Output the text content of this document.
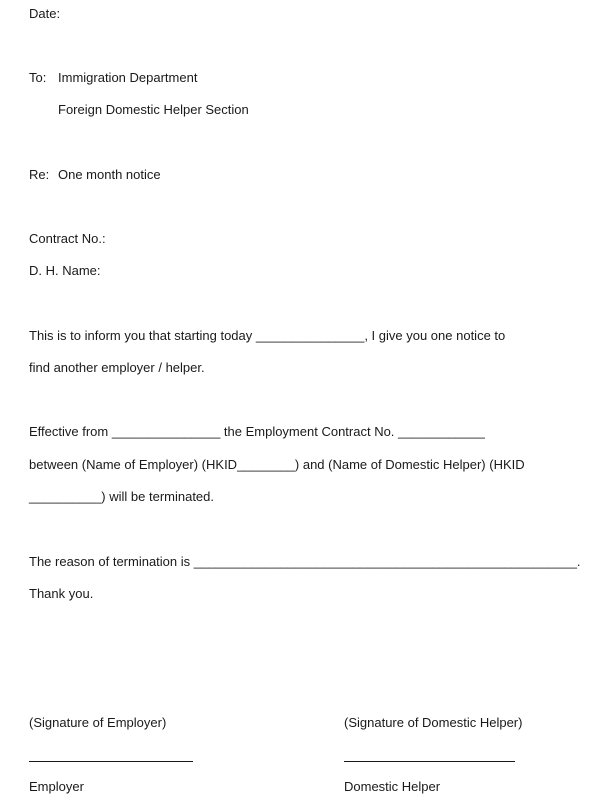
Date:
To: Immigration Department
Foreign Domestic Helper Section
Re: One month notice
Contract No.:
D. H. Name:
This is to inform you that starting today _______________, I give you one notice to
find another employer / helper.
Effective from _______________ the Employment Contract No. ____________
between (Name of Employer) (HKID________) and (Name of Domestic Helper) (HKID
__________) will be terminated.
The reason of termination is _____________________________________________________.
Thank you.
(Signature of Employer)	(Signature of Domestic Helper)
Employer	Domestic Helper
